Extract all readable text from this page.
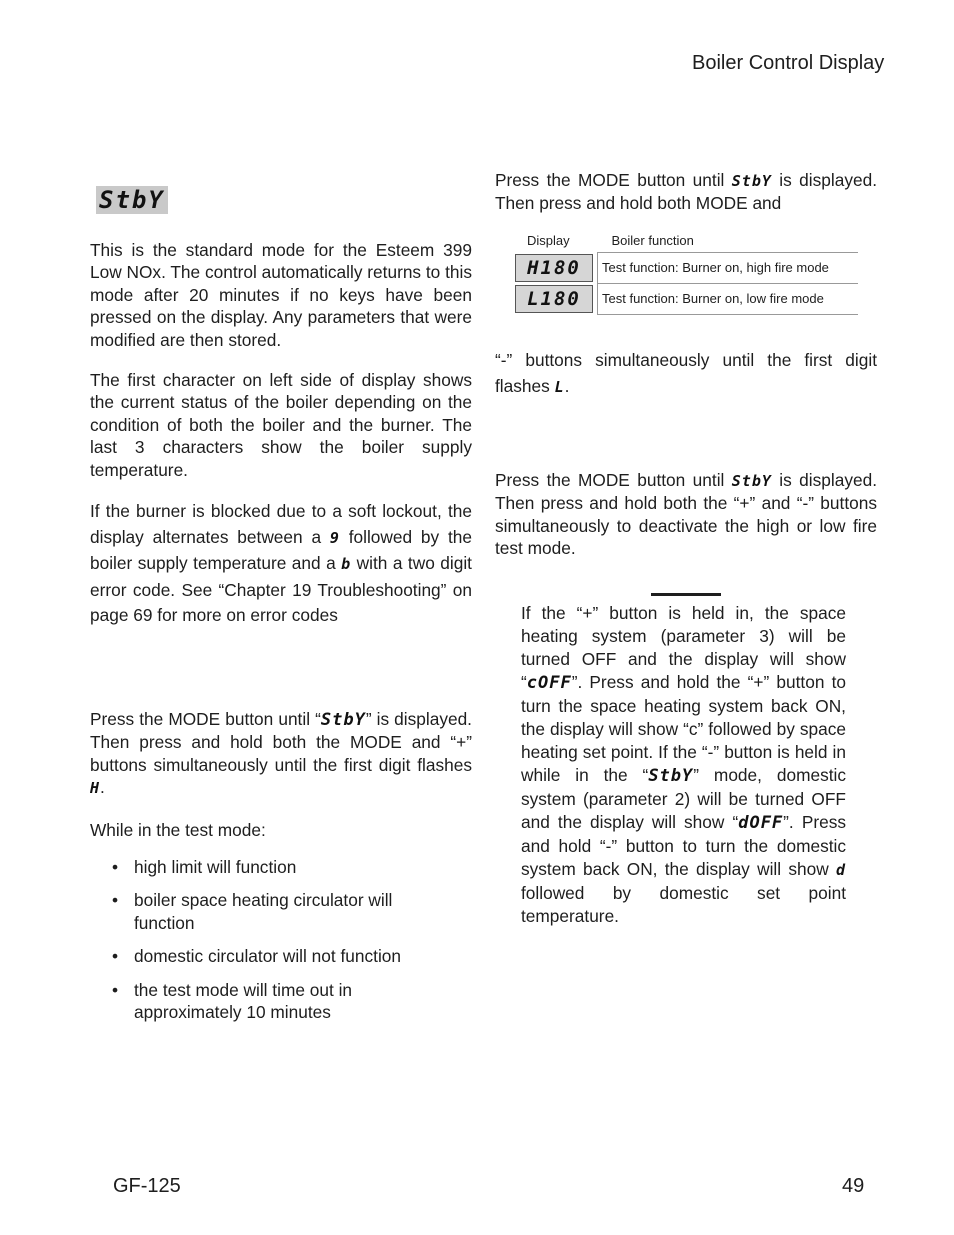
Boiler Control Display
StbY

This is the standard mode for the Esteem 399 Low NOx. The control automatically returns to this mode after 20 minutes if no keys have been pressed on the display. Any parameters that were modified are then stored.

The first character on left side of display shows the current status of the boiler depending on the condition of both the boiler and the burner. The last 3 characters show the boiler supply temperature.

If the burner is blocked due to a soft lockout, the display alternates between a 9 followed by the boiler supply temperature and a b with a two digit error code. See “Chapter 19 Troubleshooting” on page 69 for more on error codes

Press the MODE button until “StbY” is displayed. Then press and hold both the MODE and “+” buttons simultaneously until the first digit flashes H.

While in the test mode:

• high limit will function
• boiler space heating circulator will function
• domestic circulator will not function
• the test mode will time out in approximately 10 minutes

Press the MODE button until StbY is displayed. Then press and hold both MODE and

Display	Boiler function
H180	Test function: Burner on, high fire mode
L180	Test function: Burner on, low fire mode

“-” buttons simultaneously until the first digit flashes L.

Press the MODE button until StbY is displayed. Then press and hold both the “+” and “-” buttons simultaneously to deactivate the high or low fire test mode.

If the “+” button is held in, the space heating system (parameter 3) will be turned OFF and the display will show “cOFF”. Press and hold the “+” button to turn the space heating system back ON, the display will show “c” followed by space heating set point. If the “-” button is held in while in the “StbY” mode, domestic system (parameter 2) will be turned OFF and the display will show “dOFF”. Press and hold “-” button to turn the domestic system back ON, the display will show d followed by domestic set point temperature.

GF-125	49
